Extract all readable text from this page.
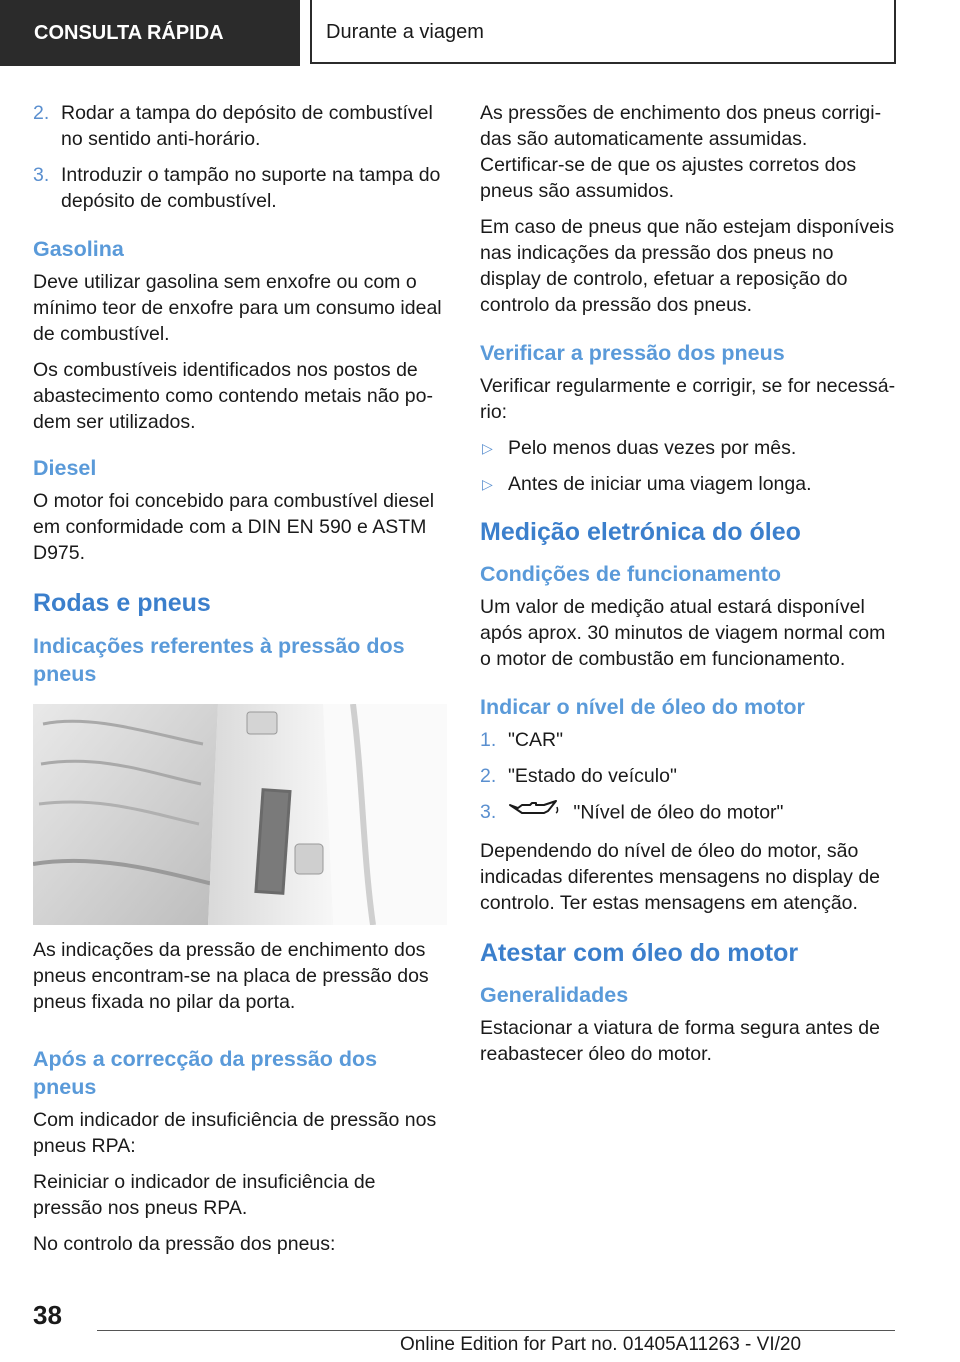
CONSULTA RÁPIDA	Durante a viagem
2. Rodar a tampa do depósito de combustível no sentido anti-horário.
3. Introduzir o tampão no suporte na tampa do depósito de combustível.
Gasolina

Deve utilizar gasolina sem enxofre ou com o mínimo teor de enxofre para um consumo ideal de combustível.

Os combustíveis identificados nos postos de abastecimento como contendo metais não podem ser utilizados.

Diesel

O motor foi concebido para combustível diesel em conformidade com a DIN EN 590 e ASTM D975.

Rodas e pneus
Indicações referentes à pressão dos pneus

As indicações da pressão de enchimento dos pneus encontram-se na placa de pressão dos pneus fixada no pilar da porta.

Após a correcção da pressão dos pneus

Com indicador de insuficiência de pressão nos pneus RPA:

Reiniciar o indicador de insuficiência de pressão nos pneus RPA.

No controlo da pressão dos pneus:

As pressões de enchimento dos pneus corrigidas são automaticamente assumidas. Certificar-se de que os ajustes corretos dos pneus são assumidos.

Em caso de pneus que não estejam disponíveis nas indicações da pressão dos pneus no display de controlo, efetuar a reposição do controlo da pressão dos pneus.

Verificar a pressão dos pneus

Verificar regularmente e corrigir, se for necessário:

▷ Pelo menos duas vezes por mês.
▷ Antes de iniciar uma viagem longa.
Medição eletrónica do óleo
Condições de funcionamento

Um valor de medição atual estará disponível após aprox. 30 minutos de viagem normal com o motor de combustão em funcionamento.

Indicar o nível de óleo do motor
1. "CAR"
2. "Estado do veículo"
3.	"Nível de óleo do motor"

Dependendo do nível de óleo do motor, são indicadas diferentes mensagens no display de controlo. Ter estas mensagens em atenção.

Atestar com óleo do motor
Generalidades

Estacionar a viatura de forma segura antes de reabastecer óleo do motor.

38
Online Edition for Part no. 01405A11263 - VI/20
